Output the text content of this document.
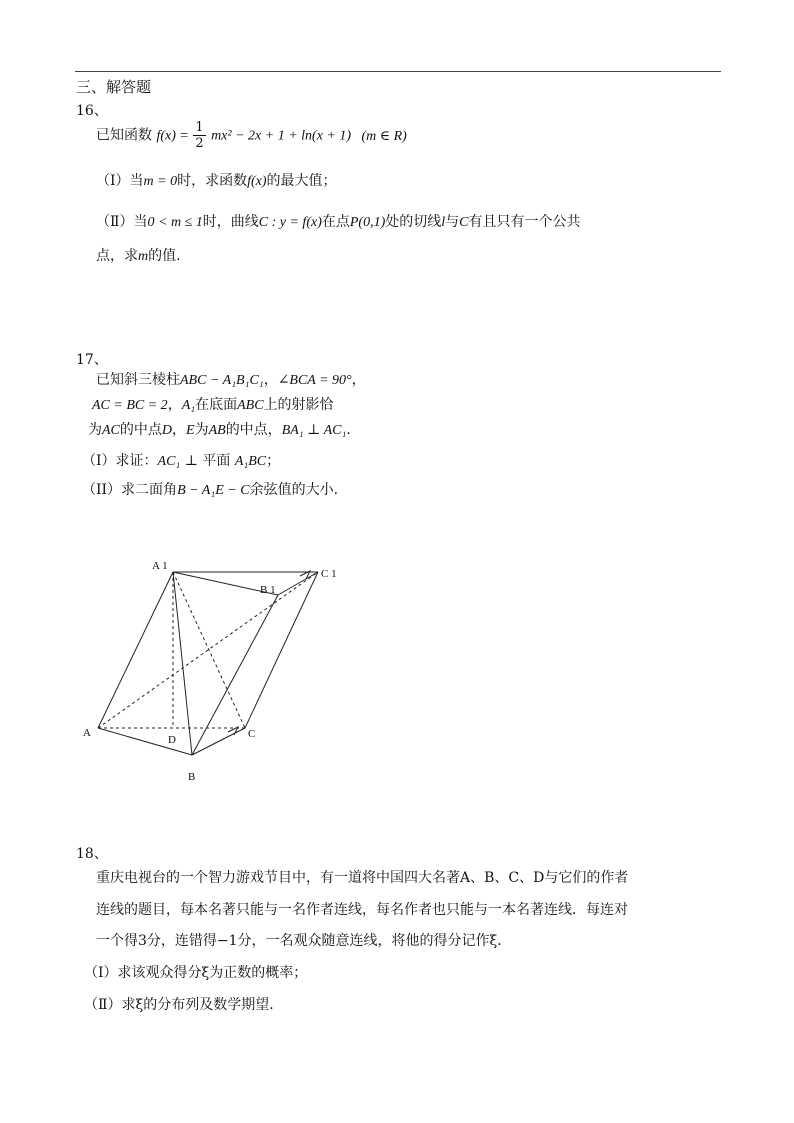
三、解答题
16、
已知函数 $f(x) = \frac{1}{2} mx^2 - 2x + 1 + \ln(x + 1)$ (m ∈ R)
（Ⅰ）当m = 0时，求函数f(x)的最大值；
（Ⅱ）当0 < m ≤ 1时，曲线C : y = f(x)在点P(0,1)处的切线l与C有且只有一个公共
点，求m的值.
17、
已知斜三棱柱ABC − A₁B₁C₁，∠BCA = 90°，
AC = BC = 2，A₁在底面ABC上的射影恰
为AC的中点D，E为AB的中点，BA₁ ⊥ AC₁.
（I）求证：AC₁ ⊥ 平面 A₁BC；
（II）求二面角B − A₁E − C余弦值的大小.
A 1
B 1
C 1
A
B
C
D
18、
重庆电视台的一个智力游戏节目中，有一道将中国四大名著A、B、C、D与它们的作者
连线的题目，每本名著只能与一名作者连线，每名作者也只能与一本名著连线．每连对
一个得3分，连错得−1分，一名观众随意连线，将他的得分记作ξ．
（Ⅰ）求该观众得分ξ为正数的概率；
（Ⅱ）求ξ的分布列及数学期望．
